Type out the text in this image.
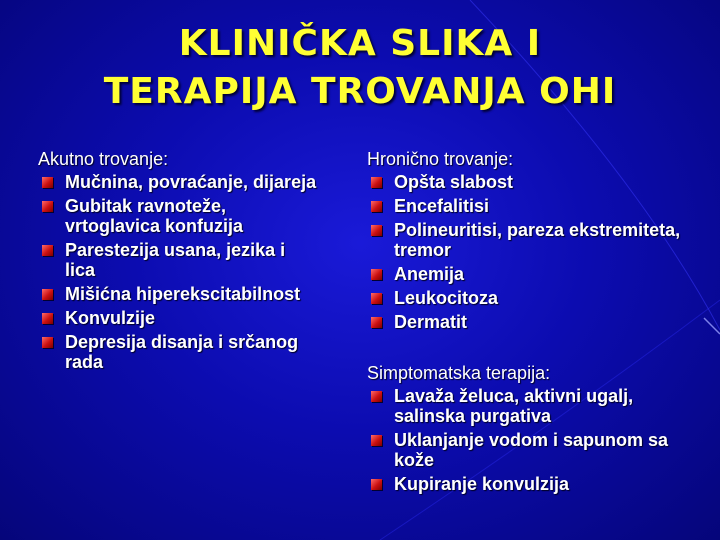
KLINIČKA SLIKA I
TERAPIJA TROVANJA OHI
Akutno trovanje:
Mučnina, povraćanje, dijareja
Gubitak ravnoteže, vrtoglavica konfuzija
Parestezija usana, jezika i lica
Mišićna hiperekscitabilnost
Konvulzije
Depresija disanja i srčanog rada
Hronično trovanje:
Opšta slabost
Encefalitisi
Polineuritisi, pareza ekstremiteta, tremor
Anemija
Leukocitoza
Dermatit
Simptomatska terapija:
Lavaža želuca, aktivni ugalj, salinska purgativa
Uklanjanje vodom i sapunom sa kože
Kupiranje konvulzija
